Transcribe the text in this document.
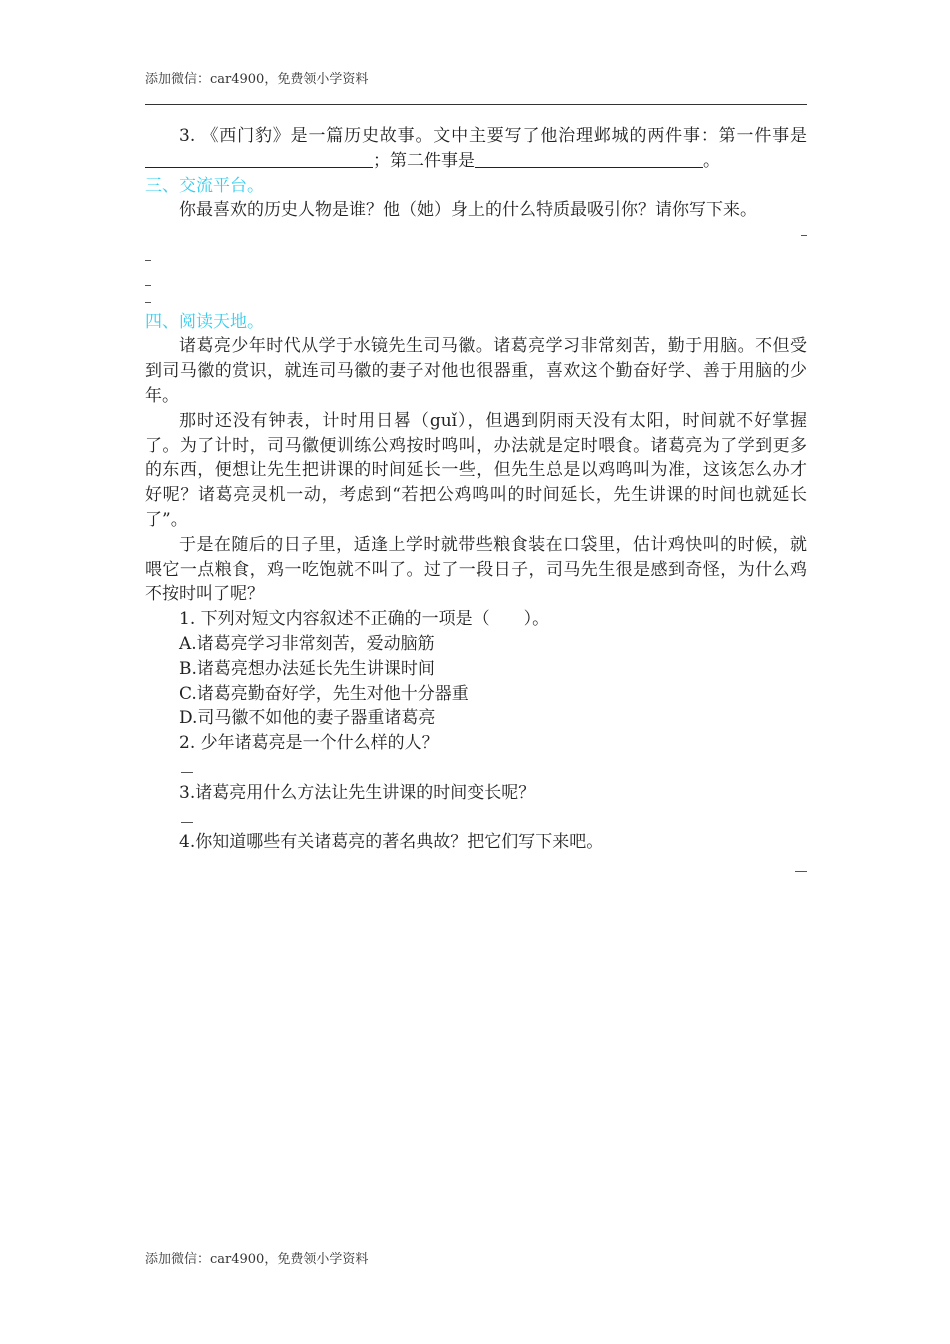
添加微信：car4900，免费领小学资料

3. 《西门豹》是一篇历史故事。文中主要写了他治理邺城的两件事：第一件事是；第二件事是	。

三、交流平台。

你最喜欢的历史人物是谁？他（她）身上的什么特质最吸引你？请你写下来。

四、阅读天地。

诸葛亮少年时代从学于水镜先生司马徽。诸葛亮学习非常刻苦，勤于用脑。不但受到司马徽的赏识，就连司马徽的妻子对他也很器重，喜欢这个勤奋好学、善于用脑的少年。

那时还没有钟表，计时用日晷（guǐ），但遇到阴雨天没有太阳，时间就不好掌握了。为了计时，司马徽便训练公鸡按时鸣叫，办法就是定时喂食。诸葛亮为了学到更多的东西，便想让先生把讲课的时间延长一些，但先生总是以鸡鸣叫为准，这该怎么办才好呢？诸葛亮灵机一动，考虑到“若把公鸡鸣叫的时间延长，先生讲课的时间也就延长了”。

于是在随后的日子里，适逢上学时就带些粮食装在口袋里，估计鸡快叫的时候，就喂它一点粮食，鸡一吃饱就不叫了。过了一段日子，司马先生很是感到奇怪，为什么鸡不按时叫了呢？

1. 下列对短文内容叙述不正确的一项是（　　）。

A.诸葛亮学习非常刻苦，爱动脑筋

B.诸葛亮想办法延长先生讲课时间

C.诸葛亮勤奋好学，先生对他十分器重

D.司马徽不如他的妻子器重诸葛亮

2. 少年诸葛亮是一个什么样的人？

3.诸葛亮用什么方法让先生讲课的时间变长呢？

4.你知道哪些有关诸葛亮的著名典故？把它们写下来吧。

添加微信：car4900，免费领小学资料
